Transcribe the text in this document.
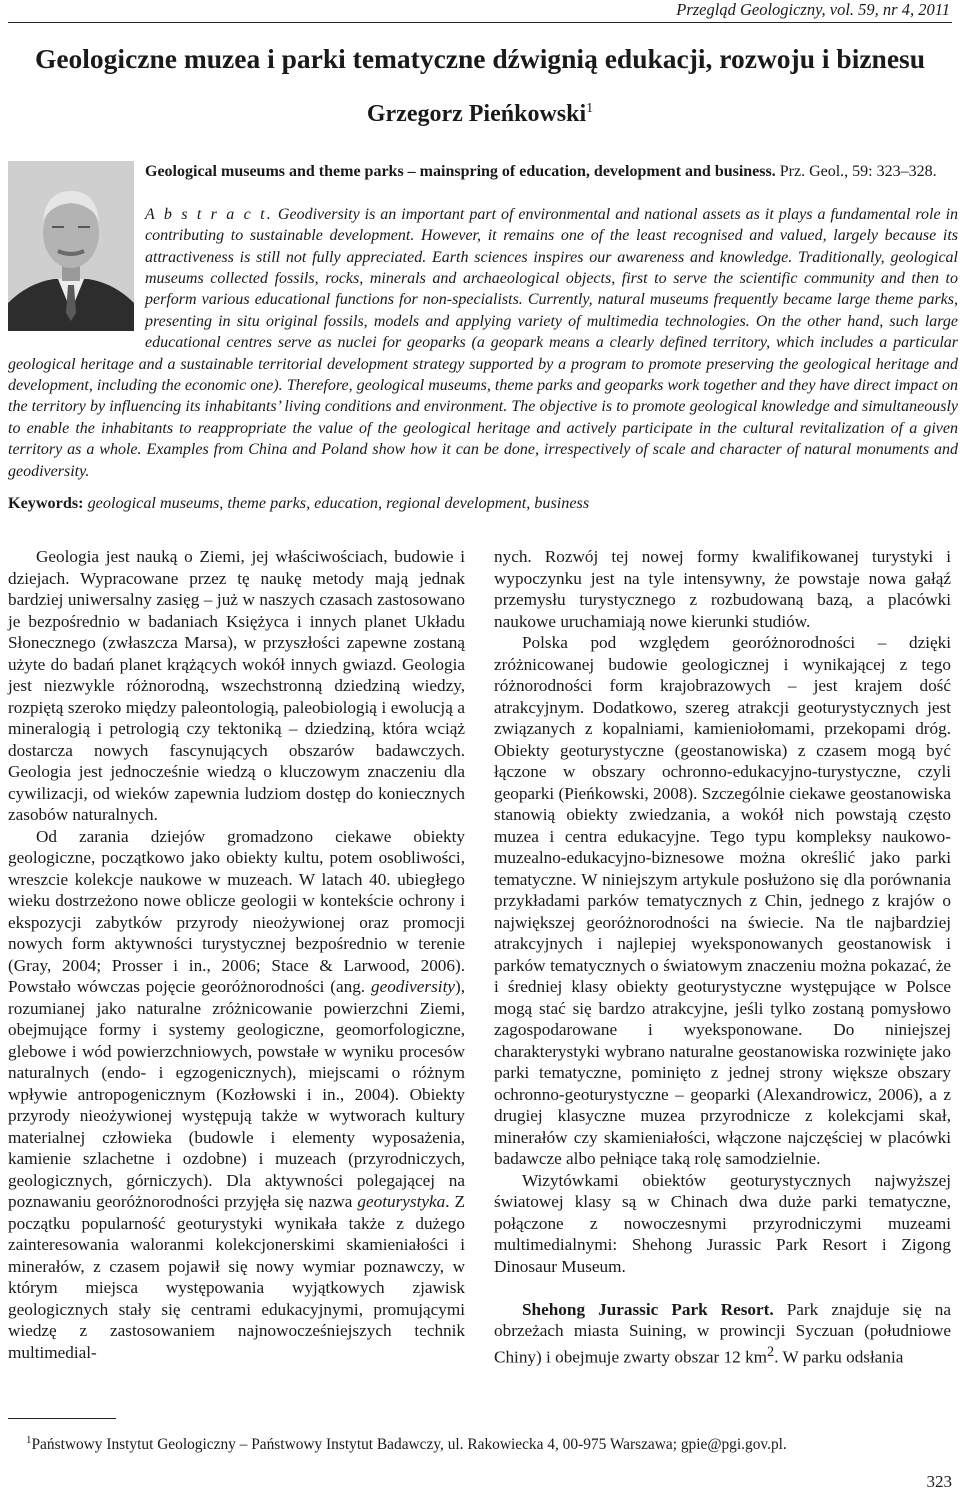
Przegląd Geologiczny, vol. 59, nr 4, 2011
Geologiczne muzea i parki tematyczne dźwignią edukacji, rozwoju i biznesu
Grzegorz Pieńkowski$^1$
Geological museums and theme parks – mainspring of education, development and business. Prz. Geol., 59: 323–328.

A b s t r a c t. Geodiversity is an important part of environmental and national assets as it plays a fundamental role in contributing to sustainable development. However, it remains one of the least recognised and valued, largely because its attractiveness is still not fully appreciated. Earth sciences inspires our awareness and knowledge. Traditionally, geological museums collected fossils, rocks, minerals and archaeological objects, first to serve the scientific community and then to perform various educational functions for non-specialists. Currently, natural museums frequently became large theme parks, presenting in situ original fossils, models and applying variety of multimedia technologies. On the other hand, such large educational centres serve as nuclei for geoparks (a geopark means a clearly defined territory, which includes a particular geological heritage and a sustainable territorial development strategy supported by a program to promote preserving the geological heritage and development, including the economic one). Therefore, geological museums, theme parks and geoparks work together and they have direct impact on the territory by influencing its inhabitants’ living conditions and environment. The objective is to promote geological knowledge and simultaneously to enable the inhabitants to reappropriate the value of the geological heritage and actively participate in the cultural revitalization of a given territory as a whole. Examples from China and Poland show how it can be done, irrespectively of scale and character of natural monuments and geodiversity.
Keywords: geological museums, theme parks, education, regional development, business

Geologia jest nauką o Ziemi, jej właściwościach, budowie i dziejach. Wypracowane przez tę naukę metody mają jednak bardziej uniwersalny zasięg – już w naszych czasach zastosowano je bezpośrednio w badaniach Księżyca i innych planet Układu Słonecznego (zwłaszcza Marsa), w przyszłości zapewne zostaną użyte do badań planet krążących wokół innych gwiazd. Geologia jest niezwykle różnorodną, wszechstronną dziedziną wiedzy, rozpiętą szeroko między paleontologią, paleobiologią i ewolucją a mineralogią i petrologią czy tektoniką – dziedziną, która wciąż dostarcza nowych fascynujących obszarów badawczych. Geologia jest jednocześnie wiedzą o kluczowym znaczeniu dla cywilizacji, od wieków zapewnia ludziom dostęp do koniecznych zasobów naturalnych.

Od zarania dziejów gromadzono ciekawe obiekty geologiczne, początkowo jako obiekty kultu, potem osobliwości, wreszcie kolekcje naukowe w muzeach. W latach 40. ubiegłego wieku dostrzeżono nowe oblicze geologii w kontekście ochrony i ekspozycji zabytków przyrody nieożywionej oraz promocji nowych form aktywności turystycznej bezpośrednio w terenie (Gray, 2004; Prosser i in., 2006; Stace & Larwood, 2006). Powstało wówczas pojęcie georóżnorodności (ang. geodiversity), rozumianej jako naturalne zróżnicowanie powierzchni Ziemi, obejmujące formy i systemy geologiczne, geomorfologiczne, glebowe i wód powierzchniowych, powstałe w wyniku procesów naturalnych (endo- i egzogenicznych), miejscami o różnym wpływie antropogenicznym (Kozłowski i in., 2004). Obiekty przyrody nieożywionej występują także w wytworach kultury materialnej człowieka (budowle i elementy wyposażenia, kamienie szlachetne i ozdobne) i muzeach (przyrodniczych, geologicznych, górniczych). Dla aktywności polegającej na poznawaniu georóżnorodności przyjęła się nazwa geoturystyka. Z początku popularność geoturystyki wynikała także z dużego zainteresowania waloranmi kolekcjonerskimi skamieniałości i minerałów, z czasem pojawił się nowy wymiar poznawczy, w którym miejsca występowania wyjątkowych zjawisk geologicznych stały się centrami edukacyjnymi, promującymi wiedzę z zastosowaniem najnowocześniejszych technik multimedial-

nych. Rozwój tej nowej formy kwalifikowanej turystyki i wypoczynku jest na tyle intensywny, że powstaje nowa gałąź przemysłu turystycznego z rozbudowaną bazą, a placówki naukowe uruchamiają nowe kierunki studiów.

Polska pod względem georóżnorodności – dzięki zróżnicowanej budowie geologicznej i wynikającej z tego różnorodności form krajobrazowych – jest krajem dość atrakcyjnym. Dodatkowo, szereg atrakcji geoturystycznych jest związanych z kopalniami, kamieniołomami, przekopami dróg. Obiekty geoturystyczne (geostanowiska) z czasem mogą być łączone w obszary ochronno-edukacyjno-turystyczne, czyli geoparki (Pieńkowski, 2008). Szczególnie ciekawe geostanowiska stanowią obiekty zwiedzania, a wokół nich powstają często muzea i centra edukacyjne. Tego typu kompleksy naukowo-muzealno-edukacyjno-biznesowe można określić jako parki tematyczne. W niniejszym artykule posłużono się dla porównania przykładami parków tematycznych z Chin, jednego z krajów o największej georóżnorodności na świecie. Na tle najbardziej atrakcyjnych i najlepiej wyeksponowanych geostanowisk i parków tematycznych o światowym znaczeniu można pokazać, że i średniej klasy obiekty geoturystyczne występujące w Polsce mogą stać się bardzo atrakcyjne, jeśli tylko zostaną pomysłowo zagospodarowane i wyeksponowane. Do niniejszej charakterystyki wybrano naturalne geostanowiska rozwinięte jako parki tematyczne, pominięto z jednej strony większe obszary ochronno-geoturystyczne – geoparki (Alexandrowicz, 2006), a z drugiej klasyczne muzea przyrodnicze z kolekcjami skał, minerałów czy skamieniałości, włączone najczęściej w placówki badawcze albo pełniące taką rolę samodzielnie.

Wizytówkami obiektów geoturystycznych najwyższej światowej klasy są w Chinach dwa duże parki tematyczne, połączone z nowoczesnymi przyrodniczymi muzeami multimedialnymi: Shehong Jurassic Park Resort i Zigong Dinosaur Museum.

Shehong Jurassic Park Resort. Park znajduje się na obrzeżach miasta Suining, w prowincji Syczuan (południowe Chiny) i obejmuje zwarty obszar 12 $km^2$. W parku odsłania

$^1$Państwowy Instytut Geologiczny – Państwowy Instytut Badawczy, ul. Rakowiecka 4, 00-975 Warszawa; gpie@pgi.gov.pl.
323
